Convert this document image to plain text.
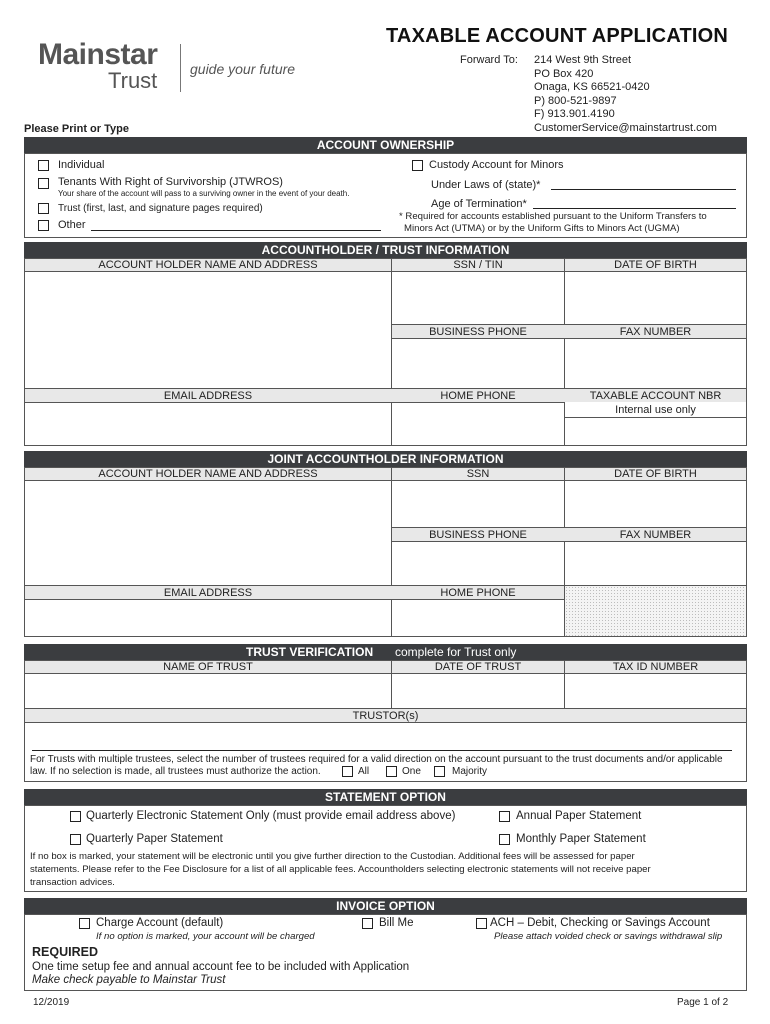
Mainstar
Trust guide your future
TAXABLE ACCOUNT APPLICATION
Forward To: 214 West 9th Street
PO Box 420
Onaga, KS 66521-0420
P) 800-521-9897
F) 913.901.4190
CustomerService@mainstartrust.com
Please Print or Type
ACCOUNT OWNERSHIP
Individual
Tenants With Right of Survivorship (JTWROS)
Your share of the account will pass to a surviving owner in the event of your death.
Trust (first, last, and signature pages required)
Other
Custody Account for Minors
Under Laws of (state)*
Age of Termination*
* Required for accounts established pursuant to the Uniform Transfers to
Minors Act (UTMA) or by the Uniform Gifts to Minors Act (UGMA)
ACCOUNTHOLDER / TRUST INFORMATION
ACCOUNT HOLDER NAME AND ADDRESS	SSN / TIN	DATE OF BIRTH
BUSINESS PHONE	FAX NUMBER
EMAIL ADDRESS	HOME PHONE	TAXABLE ACCOUNT NBR
Internal use only
JOINT ACCOUNTHOLDER INFORMATION
ACCOUNT HOLDER NAME AND ADDRESS	SSN	DATE OF BIRTH
BUSINESS PHONE	FAX NUMBER
EMAIL ADDRESS	HOME PHONE
TRUST VERIFICATION complete for Trust only
NAME OF TRUST	DATE OF TRUST	TAX ID NUMBER
TRUSTOR(s)
For Trusts with multiple trustees, select the number of trustees required for a valid direction on the account pursuant to the trust documents and/or applicable
law. If no selection is made, all trustees must authorize the action.	All	One	Majority
STATEMENT OPTION
Quarterly Electronic Statement Only (must provide email address above)	Annual Paper Statement
Quarterly Paper Statement	Monthly Paper Statement
If no box is marked, your statement will be electronic until you give further direction to the Custodian. Additional fees will be assessed for paper
statements. Please refer to the Fee Disclosure for a list of all applicable fees. Accountholders selecting electronic statements will not receive paper
transaction advices.
INVOICE OPTION
Charge Account (default)
If no option is marked, your account will be charged
Bill Me	ACH – Debit, Checking or Savings Account
Please attach voided check or savings withdrawal slip
REQUIRED
One time setup fee and annual account fee to be included with Application
Make check payable to Mainstar Trust
12/2019	Page 1 of 2
